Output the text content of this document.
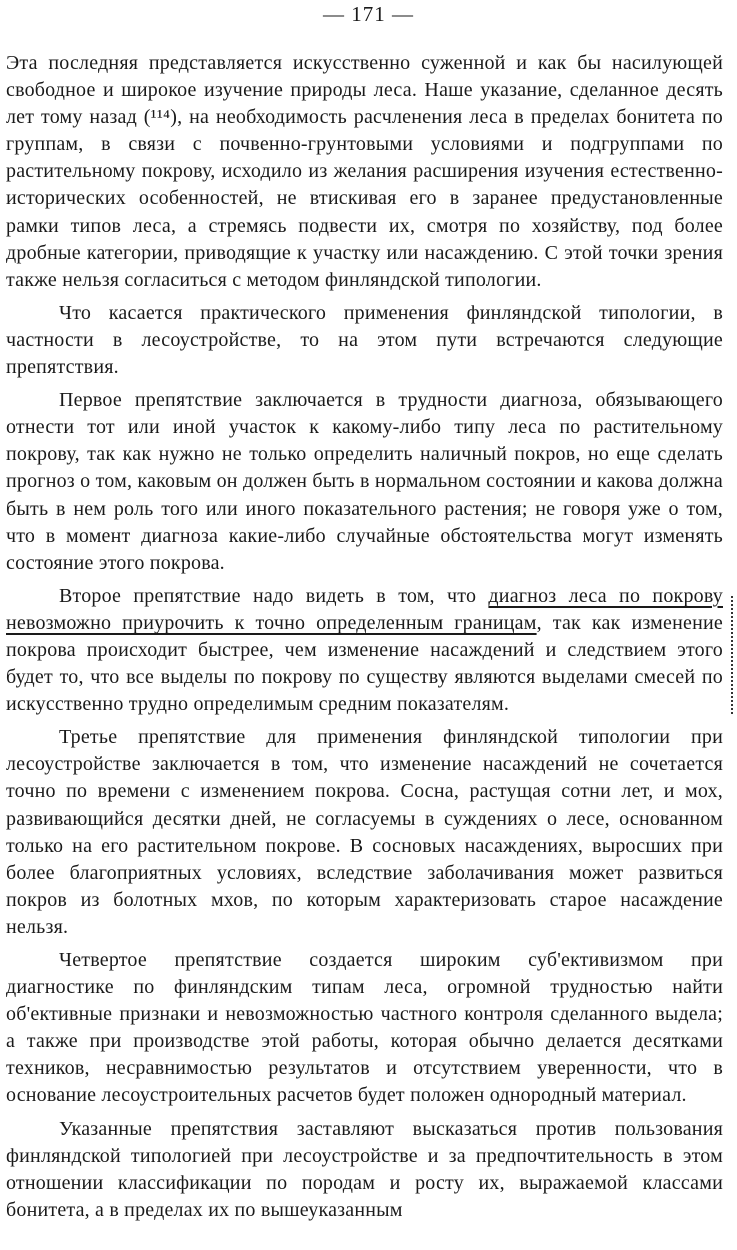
— 171 —

Эта последняя представляется искусственно суженной и как бы насилующей свободное и широкое изучение природы леса. Наше указание, сделанное десять лет тому назад (¹¹⁴), на необходимость расчленения леса в пределах бонитета по группам, в связи с почвенно-грунтовыми условиями и подгруппами по растительному покрову, исходило из желания расширения изучения естественно-исторических особенностей, не втискивая его в заранее предустановленные рамки типов леса, а стремясь подвести их, смотря по хозяйству, под более дробные категории, приводящие к участку или насаждению. С этой точки зрения также нельзя согласиться с методом финляндской типологии.

Что касается практического применения финляндской типологии, в частности в лесоустройстве, то на этом пути встречаются следующие препятствия.

Первое препятствие заключается в трудности диагноза, обязывающего отнести тот или иной участок к какому-либо типу леса по растительному покрову, так как нужно не только определить наличный покров, но еще сделать прогноз о том, каковым он должен быть в нормальном состоянии и какова должна быть в нем роль того или иного показательного растения; не говоря уже о том, что в момент диагноза какие-либо случайные обстоятельства могут изменять состояние этого покрова.

Второе препятствие надо видеть в том, что диагноз леса по покрову невозможно приурочить к точно определенным границам, так как изменение покрова происходит быстрее, чем изменение насаждений и следствием этого будет то, что все выделы по покрову по существу являются выделами смесей по искусственно трудно определимым средним показателям.

Третье препятствие для применения финляндской типологии при лесоустройстве заключается в том, что изменение насаждений не сочетается точно по времени с изменением покрова. Сосна, растущая сотни лет, и мох, развивающийся десятки дней, не согласуемы в суждениях о лесе, основанном только на его растительном покрове. В сосновых насаждениях, выросших при более благоприятных условиях, вследствие заболачивания может развиться покров из болотных мхов, по которым характеризовать старое насаждение нельзя.

Четвертое препятствие создается широким суб'ективизмом при диагностике по финляндским типам леса, огромной трудностью найти об'ективные признаки и невозможностью частного контроля сделанного выдела; а также при производстве этой работы, которая обычно делается десятками техников, несравнимостью результатов и отсутствием уверенности, что в основание лесоустроительных расчетов будет положен однородный материал.

Указанные препятствия заставляют высказаться против пользования финляндской типологией при лесоустройстве и за предпочтительность в этом отношении классификации по породам и росту их, выражаемой классами бонитета, а в пределах их по вышеуказанным
